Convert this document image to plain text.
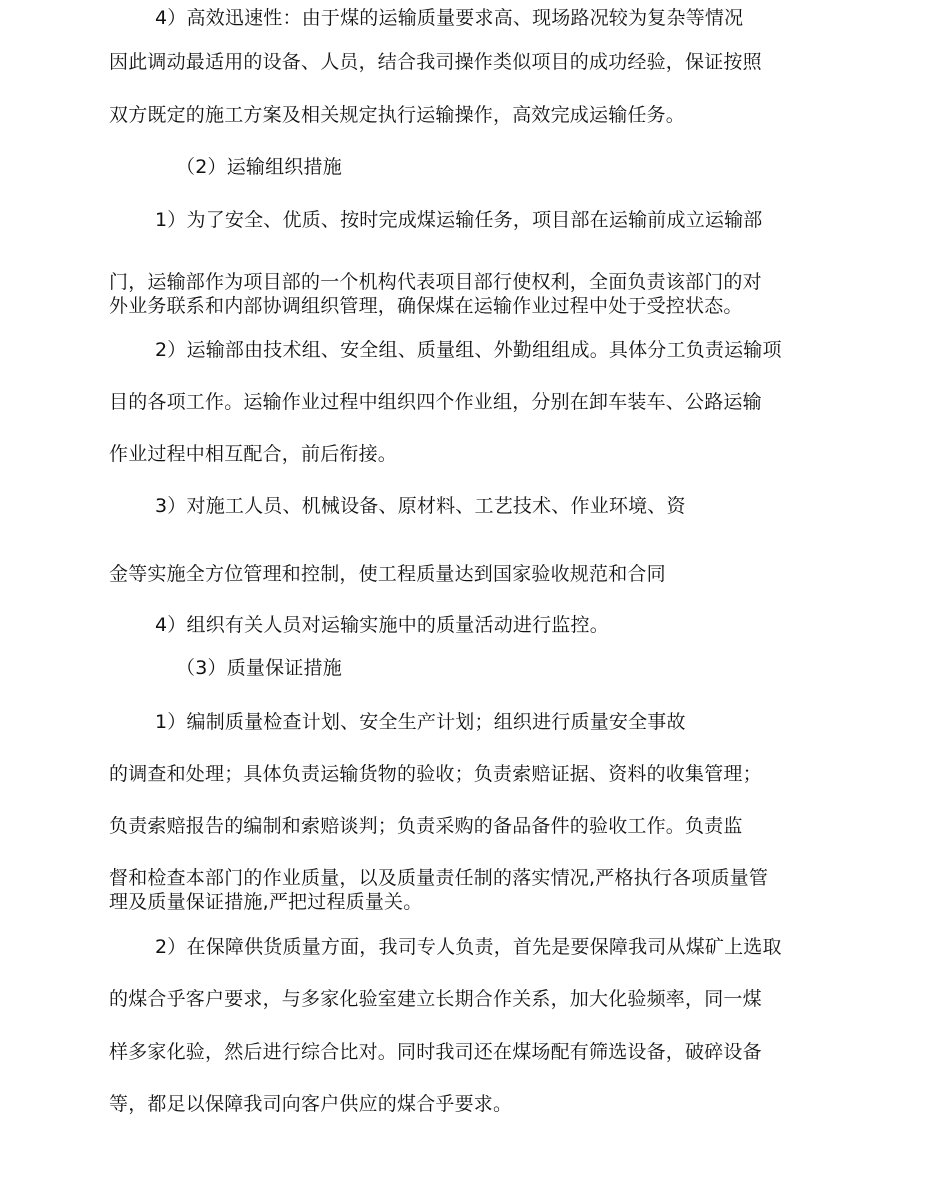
4）高效迅速性：由于煤的运输质量要求高、现场路况较为复杂等情况

因此调动最适用的设备、人员，结合我司操作类似项目的成功经验，保证按照

双方既定的施工方案及相关规定执行运输操作，高效完成运输任务。

（2）运输组织措施

1）为了安全、优质、按时完成煤运输任务，项目部在运输前成立运输部

门，运输部作为项目部的一个机构代表项目部行使权利，全面负责该部门的对

外业务联系和内部协调组织管理，确保煤在运输作业过程中处于受控状态。

2）运输部由技术组、安全组、质量组、外勤组组成。具体分工负责运输项

目的各项工作。运输作业过程中组织四个作业组，分别在卸车装车、公路运输

作业过程中相互配合，前后衔接。

3）对施工人员、机械设备、原材料、工艺技术、作业环境、资

金等实施全方位管理和控制，使工程质量达到国家验收规范和合同

4）组织有关人员对运输实施中的质量活动进行监控。

（3）质量保证措施

1）编制质量检查计划、安全生产计划；组织进行质量安全事故

的调查和处理；具体负责运输货物的验收；负责索赔证据、资料的收集管理；

负责索赔报告的编制和索赔谈判；负责采购的备品备件的验收工作。负责监

督和检查本部门的作业质量，以及质量责任制的落实情况,严格执行各项质量管

理及质量保证措施,严把过程质量关。

2）在保障供货质量方面，我司专人负责，首先是要保障我司从煤矿上选取

的煤合乎客户要求，与多家化验室建立长期合作关系，加大化验频率，同一煤

样多家化验，然后进行综合比对。同时我司还在煤场配有筛选设备，破碎设备

等，都足以保障我司向客户供应的煤合乎要求。
